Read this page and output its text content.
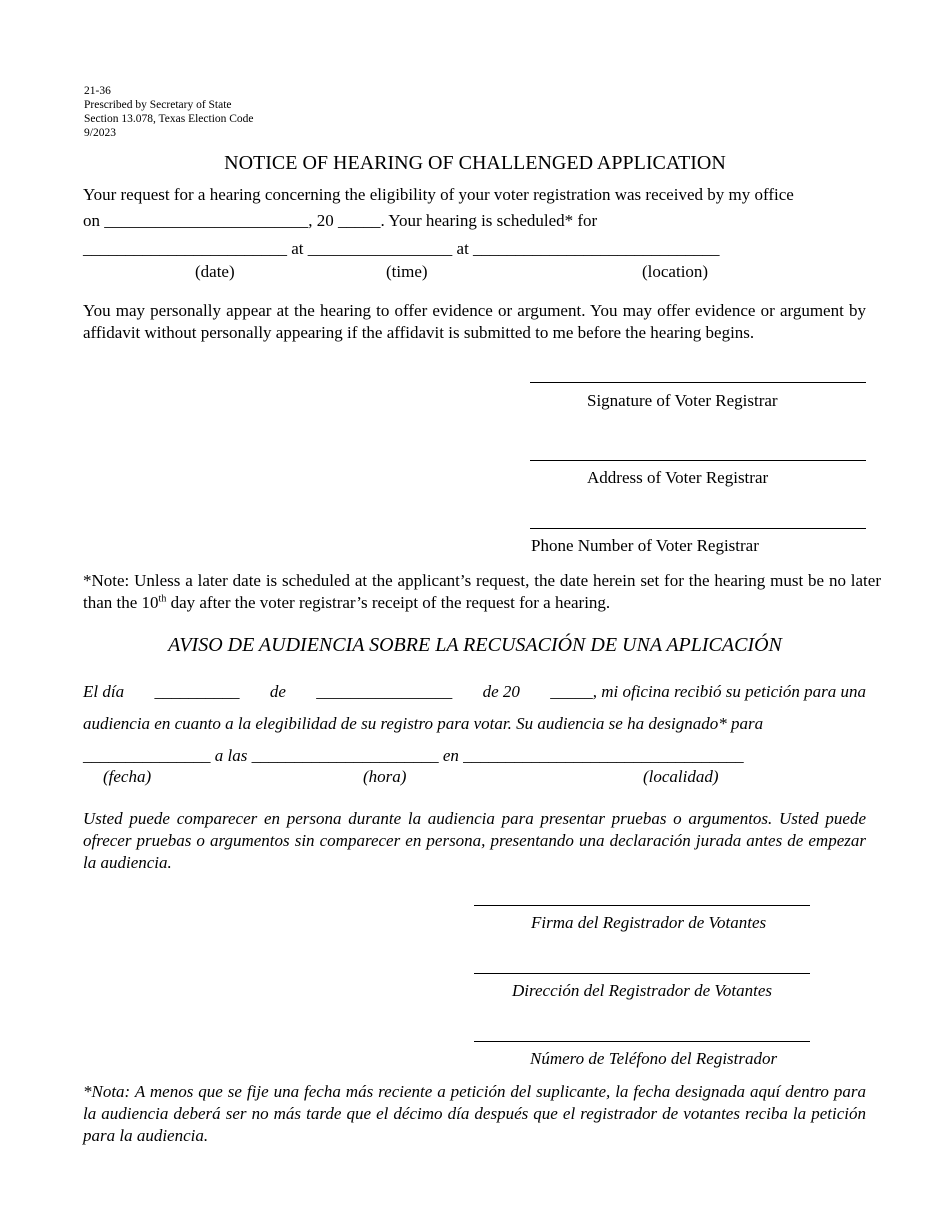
21-36
Prescribed by Secretary of State
Section 13.078, Texas Election Code
9/2023
NOTICE OF HEARING OF CHALLENGED APPLICATION
Your request for a hearing concerning the eligibility of your voter registration was received by my office
on ________________________, 20 _____. Your hearing is scheduled* for
________________________ at _________________ at _____________________________
(date)	(time)	(location)
You may personally appear at the hearing to offer evidence or argument. You may offer evidence or argument by affidavit without personally appearing if the affidavit is submitted to me before the hearing begins.
Signature of Voter Registrar
Address of Voter Registrar
Phone Number of Voter Registrar
*Note: Unless a later date is scheduled at the applicant’s request, the date herein set for the hearing must be no later than the 10th day after the voter registrar’s receipt of the request for a hearing.
AVISO DE AUDIENCIA SOBRE LA RECUSACIÓN DE UNA APLICACIÓN
El día __________ de ________________ de 20 _____, mi oficina recibió su petición para una
audiencia en cuanto a la elegibilidad de su registro para votar. Su audiencia se ha designado* para
_______________ a las ______________________ en _________________________________
(fecha)	(hora)	(localidad)
Usted puede comparecer en persona durante la audiencia para presentar pruebas o argumentos. Usted puede ofrecer pruebas o argumentos sin comparecer en persona, presentando una declaración jurada antes de empezar la audiencia.
Firma del Registrador de Votantes
Dirección del Registrador de Votantes
Número de Teléfono del Registrador
*Nota: A menos que se fije una fecha más reciente a petición del suplicante, la fecha designada aquí dentro para la audiencia deberá ser no más tarde que el décimo día después que el registrador de votantes reciba la petición para la audiencia.
